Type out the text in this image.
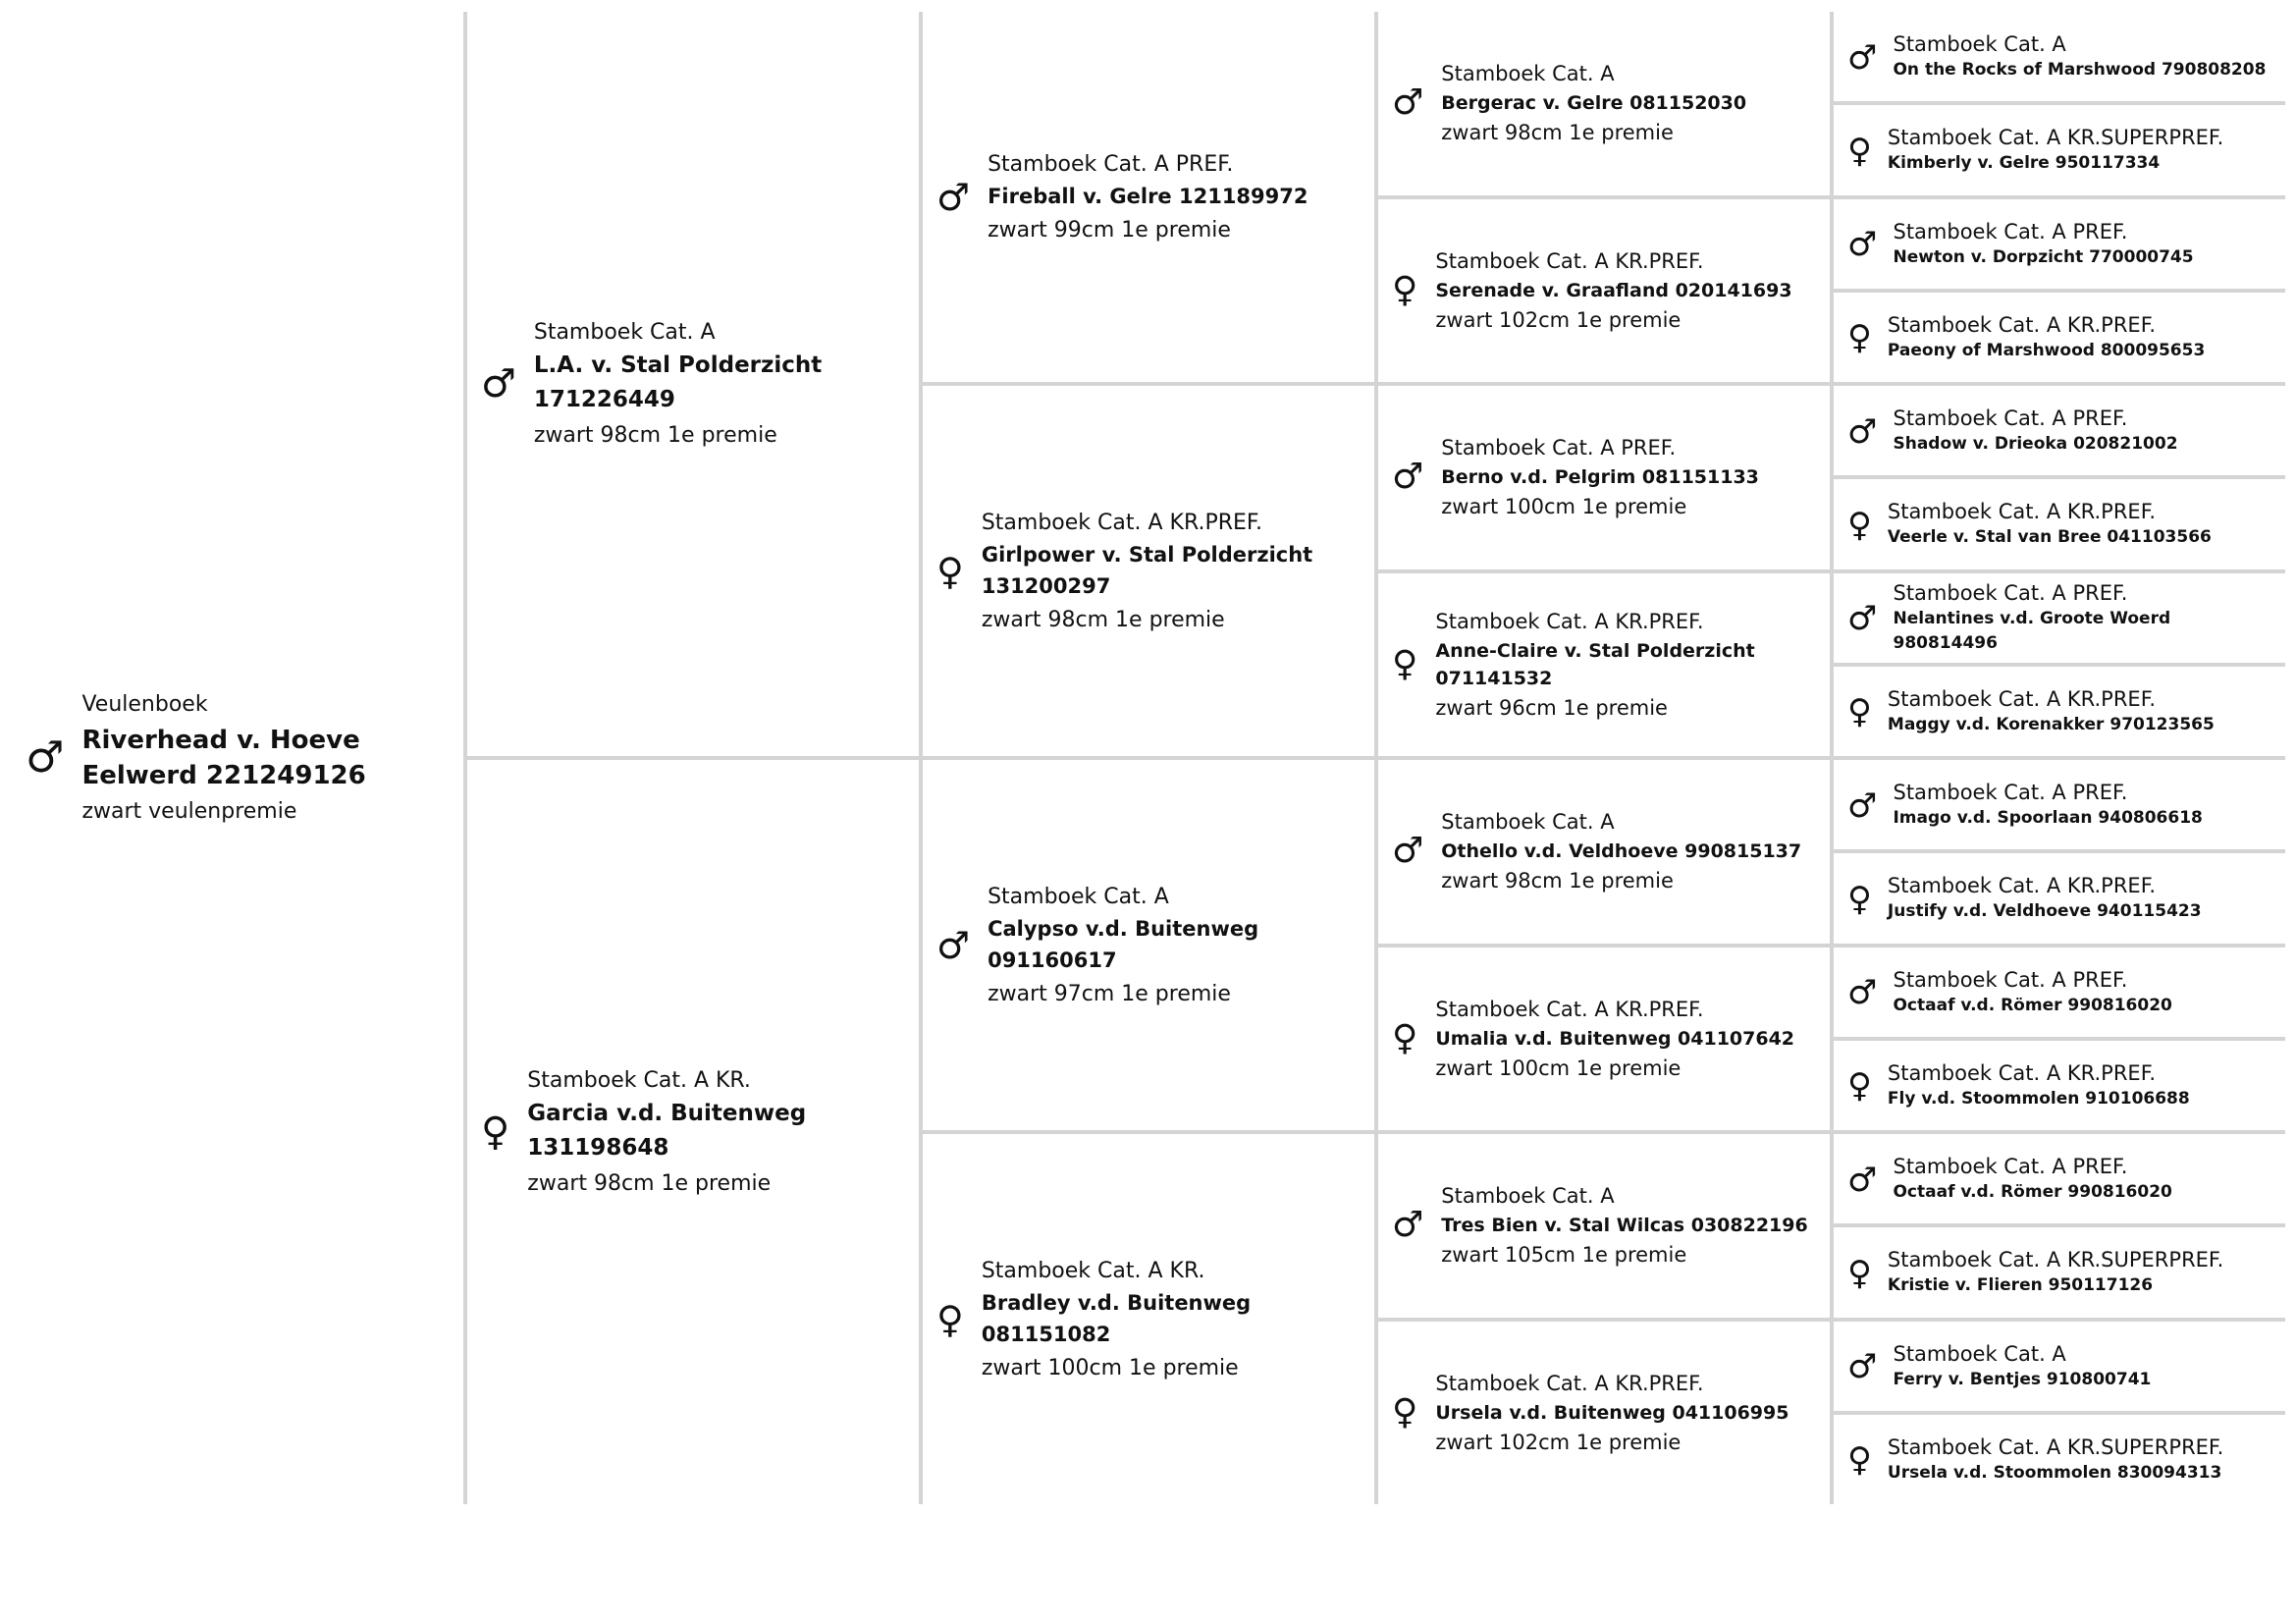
♂
Veulenboek
Riverhead v. Hoeve Eelwerd 221249126
zwart veulenpremie
♂
Stamboek Cat. A
L.A. v. Stal Polderzicht 171226449
zwart 98cm 1e premie
♀
Stamboek Cat. A KR.
Garcia v.d. Buitenweg 131198648
zwart 98cm 1e premie
♂
Stamboek Cat. A PREF.
Fireball v. Gelre 121189972
zwart 99cm 1e premie
♀
Stamboek Cat. A KR.PREF.
Girlpower v. Stal Polderzicht 131200297
zwart 98cm 1e premie
♂
Stamboek Cat. A
Calypso v.d. Buitenweg 091160617
zwart 97cm 1e premie
♀
Stamboek Cat. A KR.
Bradley v.d. Buitenweg 081151082
zwart 100cm 1e premie
♂
Stamboek Cat. A
Bergerac v. Gelre 081152030
zwart 98cm 1e premie
♀
Stamboek Cat. A KR.PREF.
Serenade v. Graafland 020141693
zwart 102cm 1e premie
♂
Stamboek Cat. A PREF.
Berno v.d. Pelgrim 081151133
zwart 100cm 1e premie
♀
Stamboek Cat. A KR.PREF.
Anne-Claire v. Stal Polderzicht 071141532
zwart 96cm 1e premie
♂
Stamboek Cat. A
Othello v.d. Veldhoeve 990815137
zwart 98cm 1e premie
♀
Stamboek Cat. A KR.PREF.
Umalia v.d. Buitenweg 041107642
zwart 100cm 1e premie
♂
Stamboek Cat. A
Tres Bien v. Stal Wilcas 030822196
zwart 105cm 1e premie
♀
Stamboek Cat. A KR.PREF.
Ursela v.d. Buitenweg 041106995
zwart 102cm 1e premie
♂ Stamboek Cat. A
On the Rocks of Marshwood 790808208
♀ Stamboek Cat. A KR.SUPERPREF.
Kimberly v. Gelre 950117334
♂ Stamboek Cat. A PREF.
Newton v. Dorpzicht 770000745
♀ Stamboek Cat. A KR.PREF.
Paeony of Marshwood 800095653
♂ Stamboek Cat. A PREF.
Shadow v. Drieoka 020821002
♀ Stamboek Cat. A KR.PREF.
Veerle v. Stal van Bree 041103566
♂
Stamboek Cat. A PREF.
Nelantines v.d. Groote Woerd 980814496
♀ Stamboek Cat. A KR.PREF.
Maggy v.d. Korenakker 970123565
♂ Stamboek Cat. A PREF.
Imago v.d. Spoorlaan 940806618
♀ Stamboek Cat. A KR.PREF.
Justify v.d. Veldhoeve 940115423
♂ Stamboek Cat. A PREF.
Octaaf v.d. Römer 990816020
♀ Stamboek Cat. A KR.PREF.
Fly v.d. Stoommolen 910106688
♂ Stamboek Cat. A PREF.
Octaaf v.d. Römer 990816020
♀ Stamboek Cat. A KR.SUPERPREF.
Kristie v. Flieren 950117126
♂ Stamboek Cat. A
Ferry v. Bentjes 910800741
♀ Stamboek Cat. A KR.SUPERPREF.
Ursela v.d. Stoommolen 830094313
